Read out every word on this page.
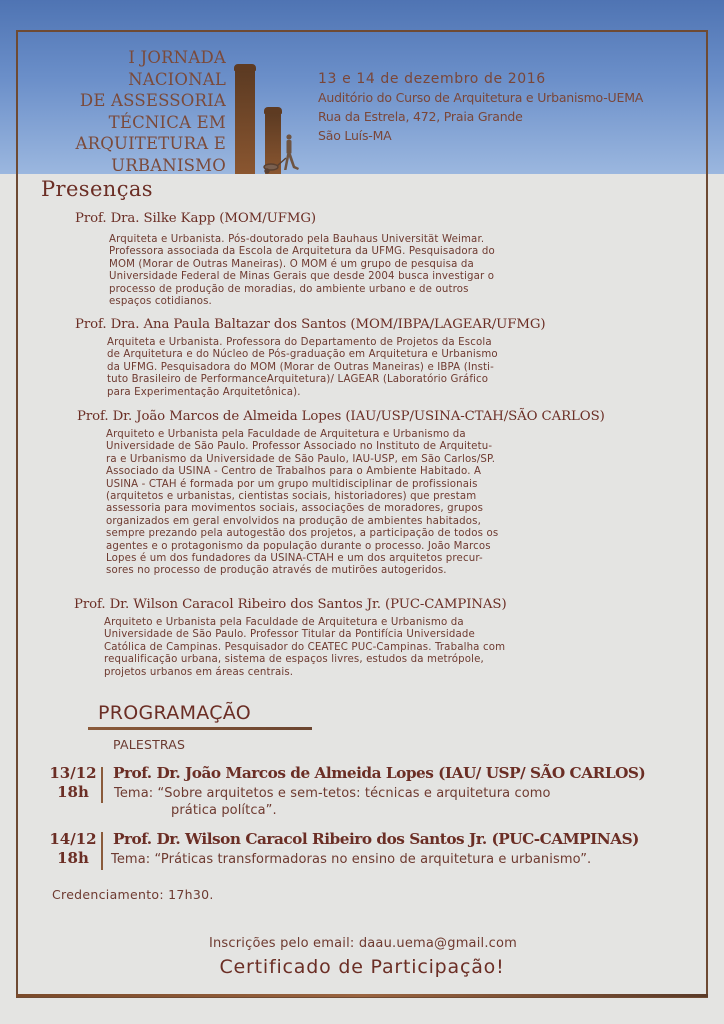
I JORNADA
NACIONAL
DE ASSESSORIA
TÉCNICA EM
ARQUITETURA E
URBANISMO
13 e 14 de dezembro de 2016
Auditório do Curso de Arquitetura e Urbanismo-UEMA
Rua da Estrela, 472, Praia Grande
São Luís-MA
Presenças
Prof. Dra. Silke Kapp (MOM/UFMG)
Arquiteta e Urbanista. Pós-doutorado pela Bauhaus Universität Weimar.
Professora associada da Escola de Arquitetura da UFMG. Pesquisadora do
MOM (Morar de Outras Maneiras). O MOM é um grupo de pesquisa da
Universidade Federal de Minas Gerais que desde 2004 busca investigar o
processo de produção de moradias, do ambiente urbano e de outros
espaços cotidianos.
Prof. Dra. Ana Paula Baltazar dos Santos (MOM/IBPA/LAGEAR/UFMG)
Arquiteta e Urbanista. Professora do Departamento de Projetos da Escola
de Arquitetura e do Núcleo de Pós-graduação em Arquitetura e Urbanismo
da UFMG. Pesquisadora do MOM (Morar de Outras Maneiras) e IBPA (Insti-
tuto Brasileiro de PerformanceArquitetura)/ LAGEAR (Laboratório Gráfico
para Experimentação Arquitetônica).
Prof. Dr. João Marcos de Almeida Lopes (IAU/USP/USINA-CTAH/SÃO CARLOS)
Arquiteto e Urbanista pela Faculdade de Arquitetura e Urbanismo da
Universidade de São Paulo. Professor Associado no Instituto de Arquitetu-
ra e Urbanismo da Universidade de São Paulo, IAU-USP, em São Carlos/SP.
Associado da USINA - Centro de Trabalhos para o Ambiente Habitado. A
USINA - CTAH é formada por um grupo multidisciplinar de profissionais
(arquitetos e urbanistas, cientistas sociais, historiadores) que prestam
assessoria para movimentos sociais, associações de moradores, grupos
organizados em geral envolvidos na produção de ambientes habitados,
sempre prezando pela autogestão dos projetos, a participação de todos os
agentes e o protagonismo da população durante o processo. João Marcos
Lopes é um dos fundadores da USINA-CTAH e um dos arquitetos precur-
sores no processo de produção através de mutirões autogeridos.
Prof. Dr. Wilson Caracol Ribeiro dos Santos Jr. (PUC-CAMPINAS)
Arquiteto e Urbanista pela Faculdade de Arquitetura e Urbanismo da
Universidade de São Paulo. Professor Titular da Pontifícia Universidade
Católica de Campinas. Pesquisador do CEATEC PUC-Campinas. Trabalha com
requalificação urbana, sistema de espaços livres, estudos da metrópole,
projetos urbanos em áreas centrais.
PROGRAMAÇÃO
PALESTRAS
13/12
18h
Prof. Dr. João Marcos de Almeida Lopes (IAU/ USP/ SÃO CARLOS)
Tema: “Sobre arquitetos e sem-tetos: técnicas e arquitetura como
prática polítca”.
14/12
18h
Prof. Dr. Wilson Caracol Ribeiro dos Santos Jr. (PUC-CAMPINAS)
Tema: “Práticas transformadoras no ensino de arquitetura e urbanismo”.
Credenciamento: 17h30.
Inscrições pelo email: daau.uema@gmail.com
Certificado de Participação!
